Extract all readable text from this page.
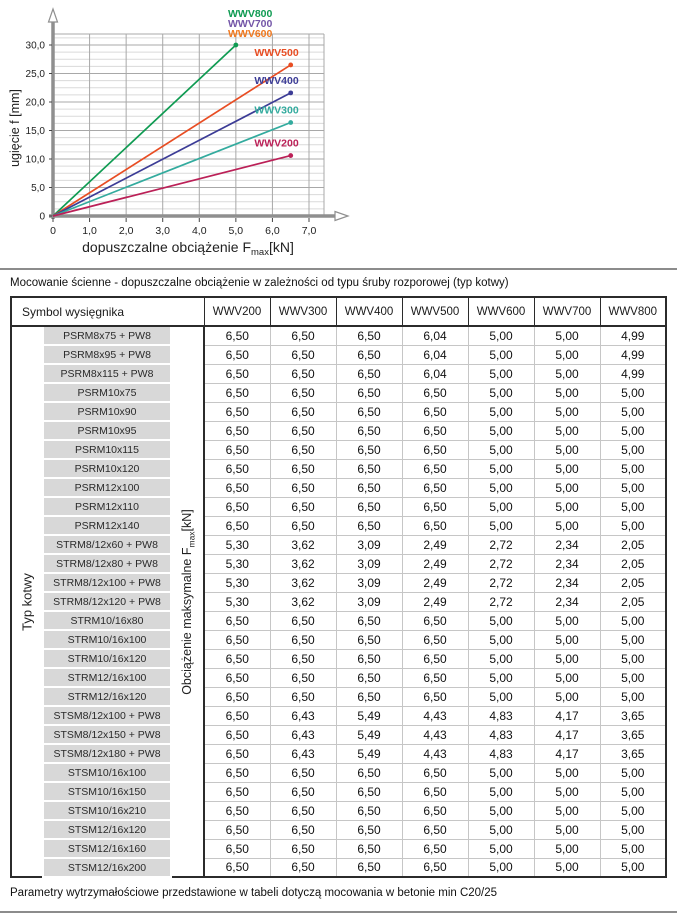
0
5,0
10,0
15,0
20,0
25,0
30,0
0	1,0 2,0 3,0 4,0 5,0 6,0 7,0
WWV500
WWV400
WWV300
WWV200
WWV800
WWV700
WWV600
ugięcie f [mm]
dopuszczalne obciążenie $F_{max}[kN]$
Mocowanie ścienne - dopuszczalne obciążenie w zależności od typu śruby rozporowej (typ kotwy)
Symbol wysięgnika			WWV200	WWV300	WWV400	WWV500	WWV600	WWV700	WWV800

Typ kotwy	PSRM8x75 + PW8	Obciążenie maksymalne $F_{max}[kN]$	6,50	6,50	6,50	6,04	5,00	5,00	4,99
	PSRM8x95 + PW8		6,50	6,50	6,50	6,04	5,00	5,00	4,99
	PSRM8x115 + PW8		6,50	6,50	6,50	6,04	5,00	5,00	4,99
	PSRM10x75		6,50	6,50	6,50	6,50	5,00	5,00	5,00
	PSRM10x90		6,50	6,50	6,50	6,50	5,00	5,00	5,00
	PSRM10x95		6,50	6,50	6,50	6,50	5,00	5,00	5,00
	PSRM10x115		6,50	6,50	6,50	6,50	5,00	5,00	5,00
	PSRM10x120		6,50	6,50	6,50	6,50	5,00	5,00	5,00
	PSRM12x100		6,50	6,50	6,50	6,50	5,00	5,00	5,00
	PSRM12x110		6,50	6,50	6,50	6,50	5,00	5,00	5,00
	PSRM12x140		6,50	6,50	6,50	6,50	5,00	5,00	5,00
	STRM8/12x60 + PW8		5,30	3,62	3,09	2,49	2,72	2,34	2,05
	STRM8/12x80 + PW8		5,30	3,62	3,09	2,49	2,72	2,34	2,05
	STRM8/12x100 + PW8		5,30	3,62	3,09	2,49	2,72	2,34	2,05
	STRM8/12x120 + PW8		5,30	3,62	3,09	2,49	2,72	2,34	2,05
	STRM10/16x80		6,50	6,50	6,50	6,50	5,00	5,00	5,00
	STRM10/16x100		6,50	6,50	6,50	6,50	5,00	5,00	5,00
	STRM10/16x120		6,50	6,50	6,50	6,50	5,00	5,00	5,00
	STRM12/16x100		6,50	6,50	6,50	6,50	5,00	5,00	5,00
	STRM12/16x120		6,50	6,50	6,50	6,50	5,00	5,00	5,00
	STSM8/12x100 + PW8		6,50	6,43	5,49	4,43	4,83	4,17	3,65
	STSM8/12x150 + PW8		6,50	6,43	5,49	4,43	4,83	4,17	3,65
	STSM8/12x180 + PW8		6,50	6,43	5,49	4,43	4,83	4,17	3,65
	STSM10/16x100		6,50	6,50	6,50	6,50	5,00	5,00	5,00
	STSM10/16x150		6,50	6,50	6,50	6,50	5,00	5,00	5,00
	STSM10/16x210		6,50	6,50	6,50	6,50	5,00	5,00	5,00
	STSM12/16x120		6,50	6,50	6,50	6,50	5,00	5,00	5,00
	STSM12/16x160		6,50	6,50	6,50	6,50	5,00	5,00	5,00
	STSM12/16x200		6,50	6,50	6,50	6,50	5,00	5,00	5,00
Parametry wytrzymałościowe przedstawione w tabeli dotyczą mocowania w betonie min C20/25
